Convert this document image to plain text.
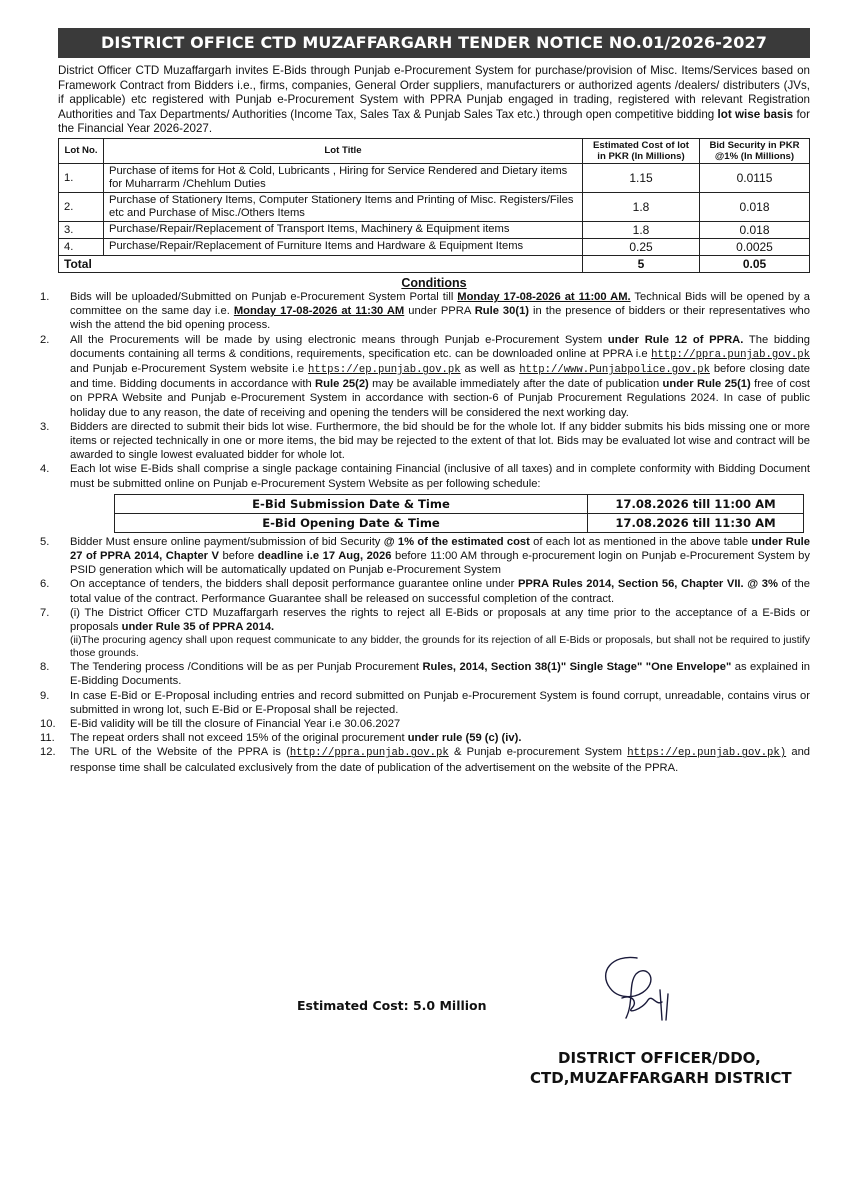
DISTRICT OFFICE CTD MUZAFFARGARH TENDER NOTICE NO.01/2026-2027
District Officer CTD Muzaffargarh invites E-Bids through Punjab e-Procurement System for purchase/provision of Misc. Items/Services based on Framework Contract from Bidders i.e., firms, companies, General Order suppliers, manufacturers or authorized agents /dealers/ distributers (JVs, if applicable) etc registered with Punjab e-Procurement System with PPRA Punjab engaged in trading, registered with relevant Registration Authorities and Tax Departments/ Authorities (Income Tax, Sales Tax & Punjab Sales Tax etc.) through open competitive bidding lot wise basis for the Financial Year 2026-2027.
Lot No.	Lot Title	Estimated Cost of lot in PKR (In Millions)	Bid Security in PKR @1% (In Millions)
1.	Purchase of items for Hot & Cold, Lubricants , Hiring for Service Rendered and Dietary items for Muharrarm /Chehlum Duties	1.15	0.0115
2.	Purchase of Stationery Items, Computer Stationery Items and Printing of Misc. Registers/Files etc and Purchase of Misc./Others Items	1.8	0.018
3.	Purchase/Repair/Replacement of Transport Items, Machinery & Equipment items	1.8	0.018
4.	Purchase/Repair/Replacement of Furniture Items and Hardware & Equipment Items	0.25	0.0025
Total		5	0.05
Conditions
1.	Bids will be uploaded/Submitted on Punjab e-Procurement System Portal till Monday 17-08-2026 at 11:00 AM. Technical Bids will be opened by a committee on the same day i.e. Monday 17-08-2026 at 11:30 AM under PPRA Rule 30(1) in the presence of bidders or their representatives who wish the attend the bid opening process.
2.	All the Procurements will be made by using electronic means through Punjab e-Procurement System under Rule 12 of PPRA. The bidding documents containing all terms & conditions, requirements, specification etc. can be downloaded online at PPRA i.e http://ppra.punjab.gov.pk and Punjab e-Procurement System website i.e https://ep.punjab.gov.pk as well as http://www.Punjabpolice.gov.pk before closing date and time. Bidding documents in accordance with Rule 25(2) may be available immediately after the date of publication under Rule 25(1) free of cost on PPRA Website and Punjab e-Procurement System in accordance with section-6 of Punjab Procurement Regulations 2024. In case of public holiday due to any reason, the date of receiving and opening the tenders will be considered the next working day.
3.	Bidders are directed to submit their bids lot wise. Furthermore, the bid should be for the whole lot. If any bidder submits his bids missing one or more items or rejected technically in one or more items, the bid may be rejected to the extent of that lot. Bids may be evaluated lot wise and contract will be awarded to single lowest evaluated bidder for whole lot.
4.	Each lot wise E-Bids shall comprise a single package containing Financial (inclusive of all taxes) and in complete conformity with Bidding Document must be submitted online on Punjab e-Procurement System Website as per following schedule:
E-Bid Submission Date & Time	17.08.2026 till 11:00 AM
E-Bid Opening Date & Time	17.08.2026 till 11:30 AM
5.	Bidder Must ensure online payment/submission of bid Security @ 1% of the estimated cost of each lot as mentioned in the above table under Rule 27 of PPRA 2014, Chapter V before deadline i.e 17 Aug, 2026 before 11:00 AM through e-procurement login on Punjab e-Procurement System by PSID generation which will be automatically updated on Punjab e-Procurement System
6.	On acceptance of tenders, the bidders shall deposit performance guarantee online under PPRA Rules 2014, Section 56, Chapter VII. @ 3% of the total value of the contract. Performance Guarantee shall be released on successful completion of the contract.
7.	(i) The District Officer CTD Muzaffargarh reserves the rights to reject all E-Bids or proposals at any time prior to the acceptance of a E-Bids or proposals under Rule 35 of PPRA 2014.
(ii)The procuring agency shall upon request communicate to any bidder, the grounds for its rejection of all E-Bids or proposals, but shall not be required to justify those grounds.
8.	The Tendering process /Conditions will be as per Punjab Procurement Rules, 2014, Section 38(1)" Single Stage" "One Envelope" as explained in E-Bidding Documents.
9.	In case E-Bid or E-Proposal including entries and record submitted on Punjab e-Procurement System is found corrupt, unreadable, contains virus or submitted in wrong lot, such E-Bid or E-Proposal shall be rejected.
10.	E-Bid validity will be till the closure of Financial Year i.e 30.06.2027
11.	The repeat orders shall not exceed 15% of the original procurement under rule (59 (c) (iv).
12.	The URL of the Website of the PPRA is (http://ppra.punjab.gov.pk & Punjab e-procurement System https://ep.punjab.gov.pk) and response time shall be calculated exclusively from the date of publication of the advertisement on the website of the PPRA.
Estimated Cost: 5.0 Million
DISTRICT OFFICER/DDO,
CTD,MUZAFFARGARH DISTRICT
